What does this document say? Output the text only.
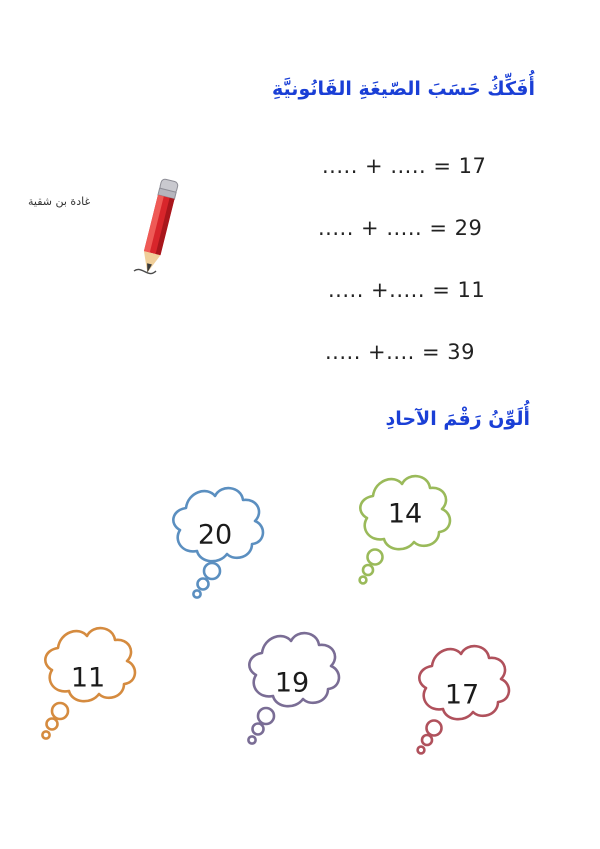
أُفَكِّكُ حَسَبَ الصّيغَةِ القَانُونيَّةِ
غادة بن شقية
..... + ..... = 17
..... + ..... = 29
..... +..... = 11
..... +.... = 39
أُلَوِّنُ رَقْمَ الآحادِ
20
14
11	19	17
